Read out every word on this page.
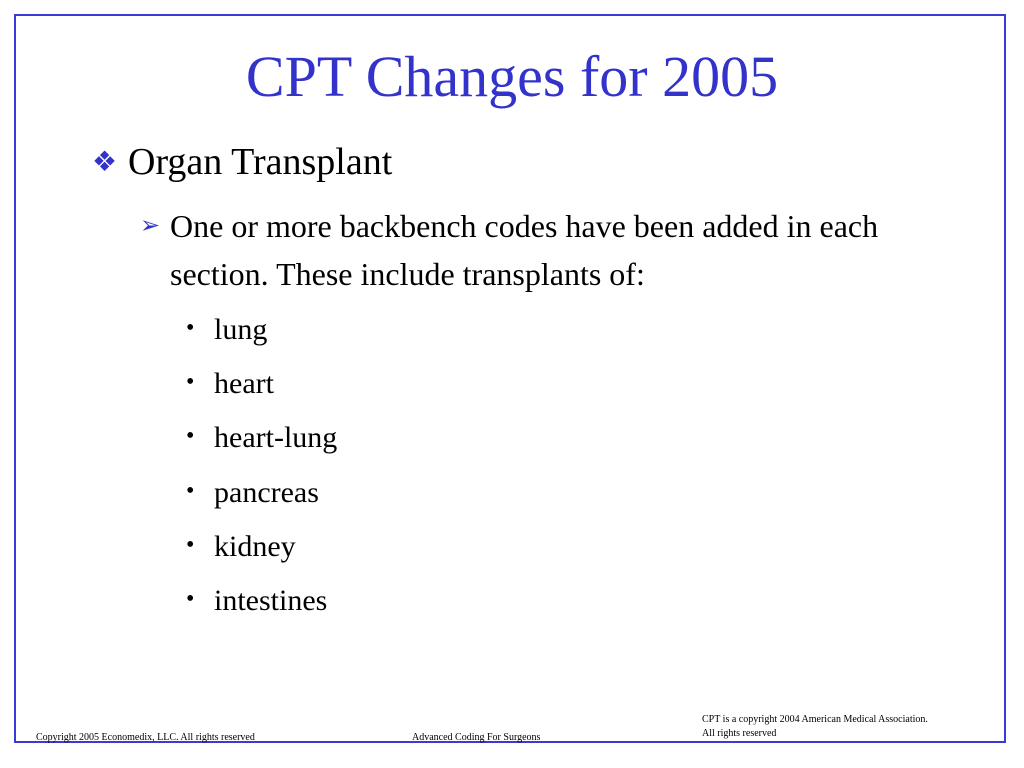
CPT Changes for 2005
❖ Organ Transplant
➢ One or more backbench codes have been added in each section. These include transplants of:
• lung
• heart
• heart-lung
• pancreas
• kidney
• intestines
Copyright 2005 Economedix, LLC. All rights reserved	Advanced Coding For Surgeons
CPT is a copyright 2004 American Medical Association.
All rights reserved
